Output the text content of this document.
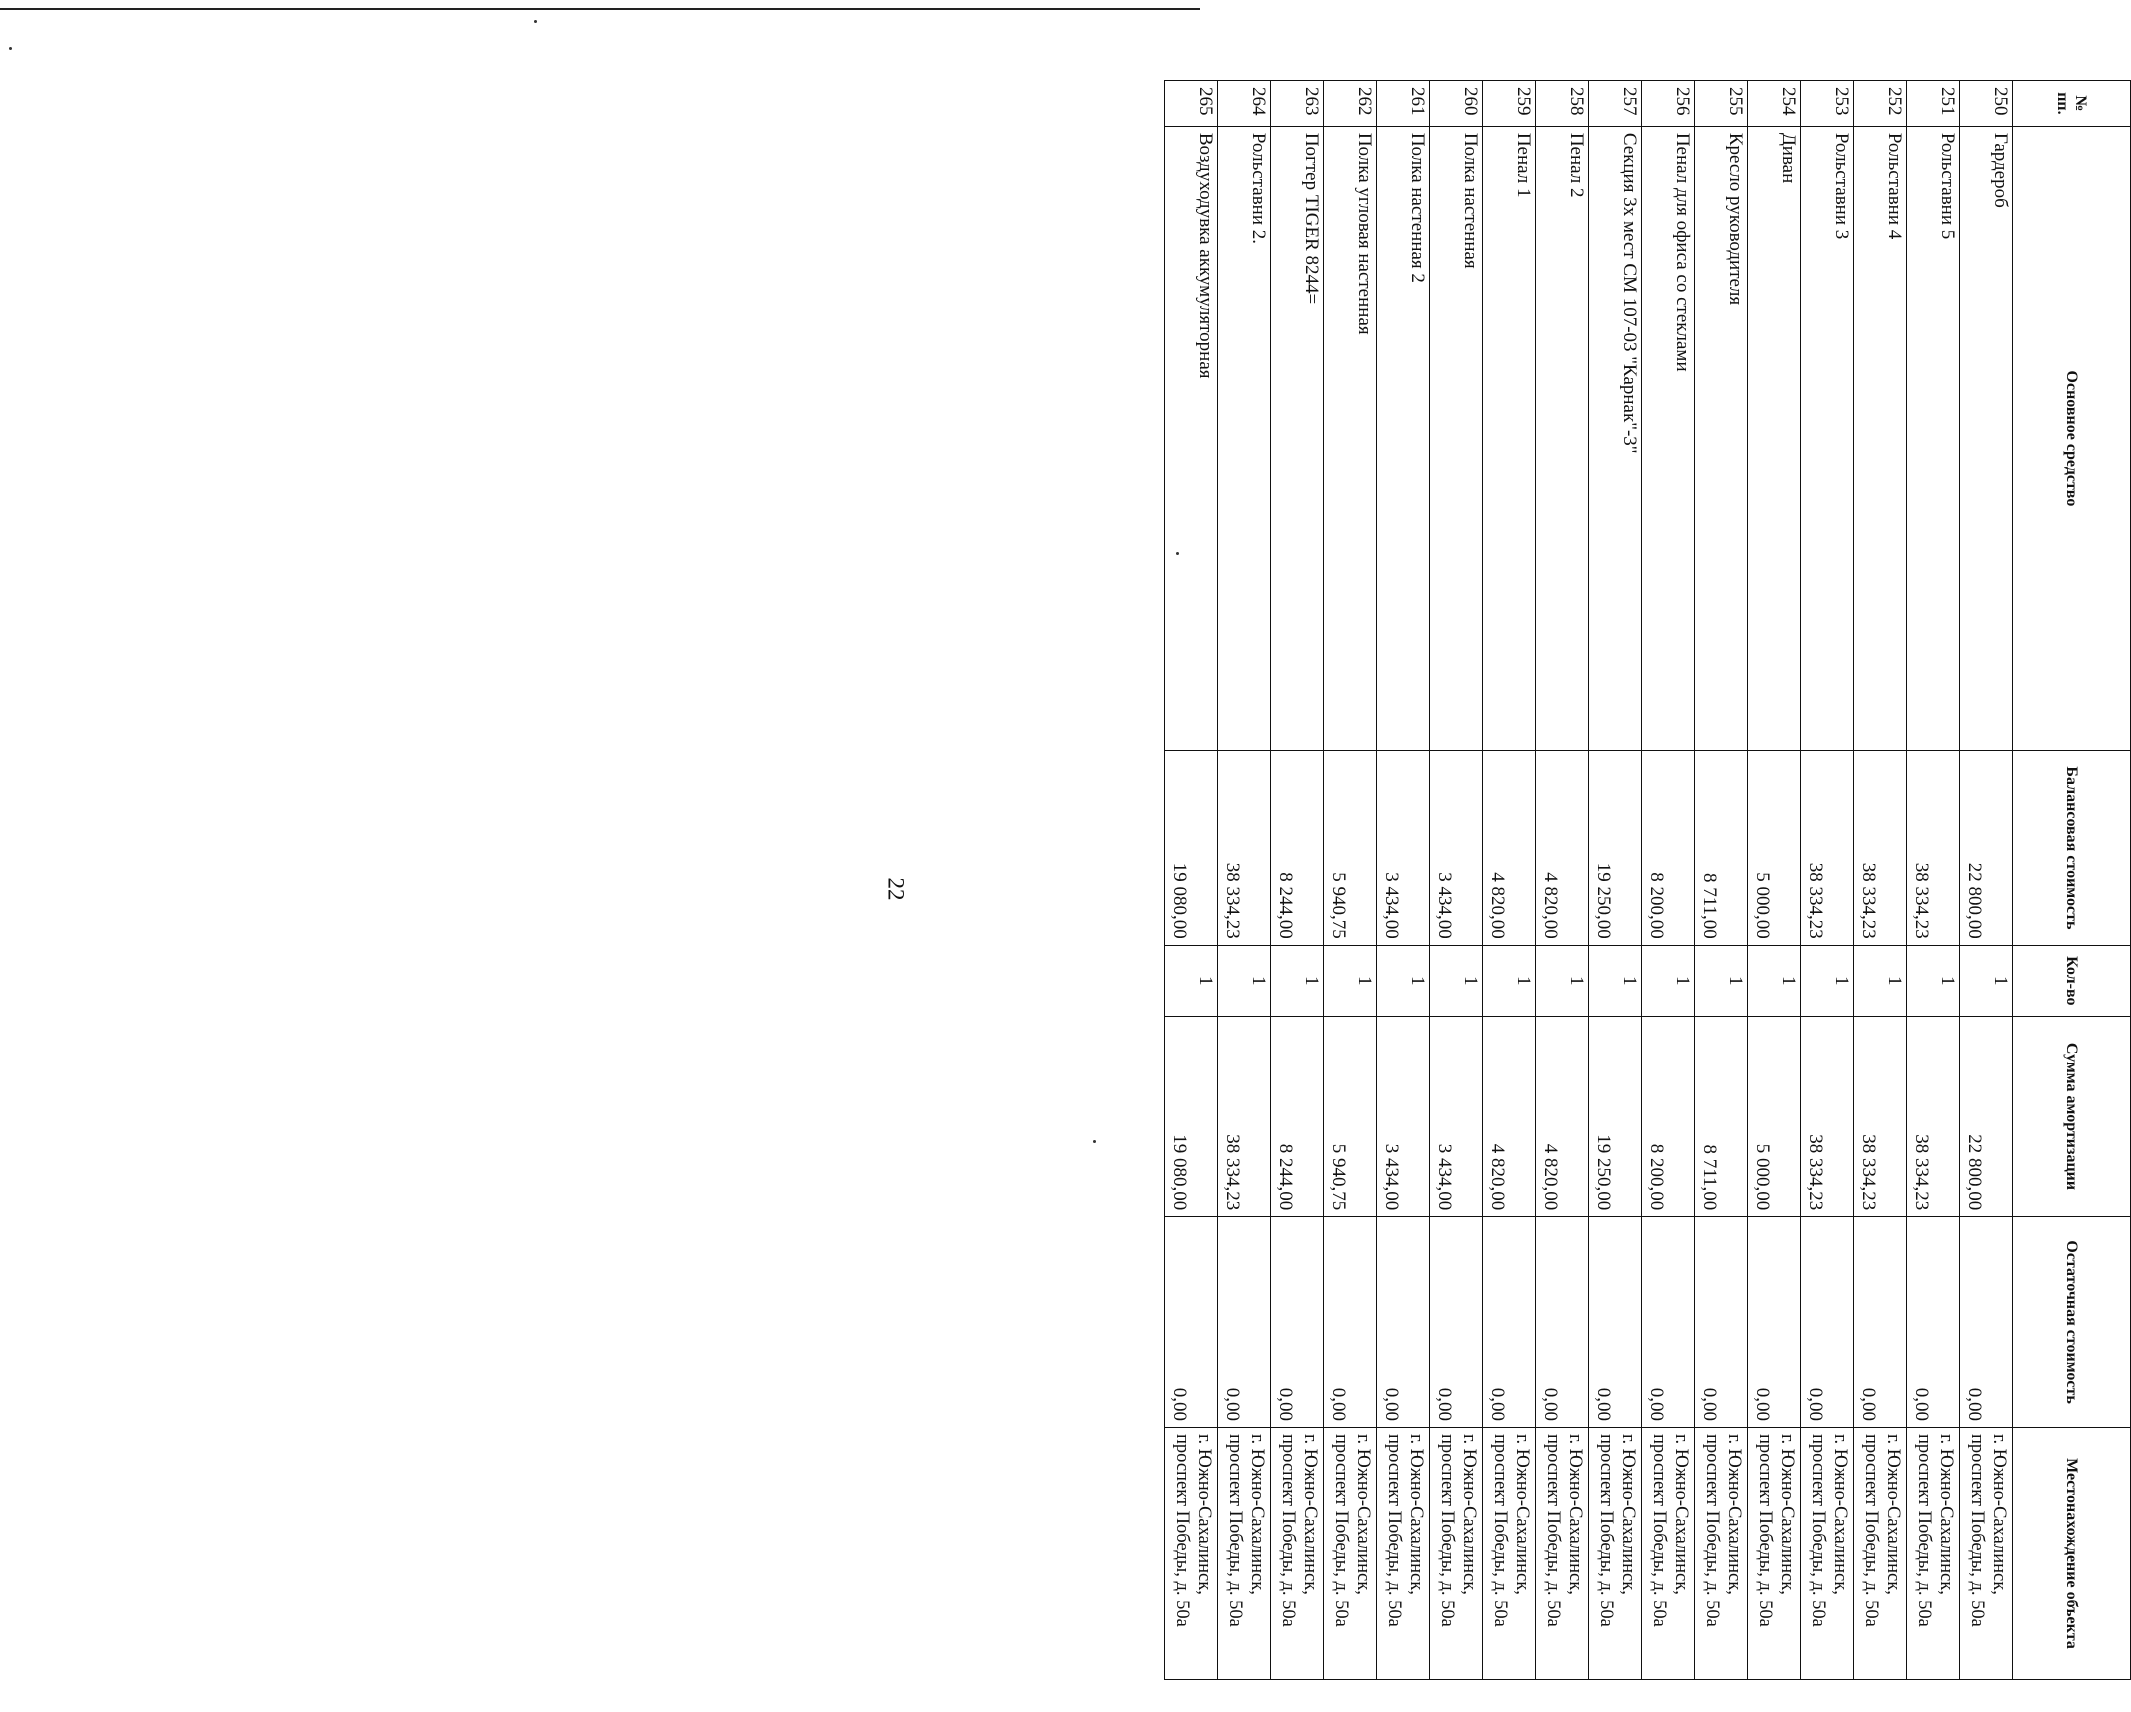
22
№ пп.	Основное средство	Балансовая стоимость	Кол-во	Сумма амортизации	Остаточная стоимость	Местонахождение объекта
250	Гардероб	22 800,00	1	22 800,00	0,00	г. Южно-Сахалинск,
проспект Победы, д. 50а

251	Рольставни 5	38 334,23	1	38 334,23	0,00	г. Южно-Сахалинск,
проспект Победы, д. 50а

252	Рольставни 4	38 334,23	1	38 334,23	0,00	г. Южно-Сахалинск,
проспект Победы, д. 50а

253	Рольставни 3	38 334,23	1	38 334,23	0,00	г. Южно-Сахалинск,
проспект Победы, д. 50а

254	Диван	5 000,00	1	5 000,00	0,00	г. Южно-Сахалинск,
проспект Победы, д. 50а

255	Кресло руководителя	8 711,00	1	8 711,00	0,00	г. Южно-Сахалинск,
проспект Победы, д. 50а

256	Пенал для офиса со стеклами	8 200,00	1	8 200,00	0,00	г. Южно-Сахалинск,
проспект Победы, д. 50а

257	Секция 3х мест СМ 107-03 "Карнак"-3"	19 250,00	1	19 250,00	0,00	г. Южно-Сахалинск,
проспект Победы, д. 50а

258	Пенал 2	4 820,00	1	4 820,00	0,00	г. Южно-Сахалинск,
проспект Победы, д. 50а

259	Пенал 1	4 820,00	1	4 820,00	0,00	г. Южно-Сахалинск,
проспект Победы, д. 50а

260	Полка настенная	3 434,00	1	3 434,00	0,00	г. Южно-Сахалинск,
проспект Победы, д. 50а

261	Полка настенная 2	3 434,00	1	3 434,00	0,00	г. Южно-Сахалинск,
проспект Победы, д. 50а

262	Полка угловая настенная	5 940,75	1	5 940,75	0,00	г. Южно-Сахалинск,
проспект Победы, д. 50а

263	Погтер TIGER 8244=	8 244,00	1	8 244,00	0,00	г. Южно-Сахалинск,
проспект Победы, д. 50а

264	Рольставни 2.	38 334,23	1	38 334,23	0,00	г. Южно-Сахалинск,
проспект Победы, д. 50а

265	Воздуходувка аккумуляторная	19 080,00	1	19 080,00	0,00	г. Южно-Сахалинск,
проспект Победы, д. 50а
